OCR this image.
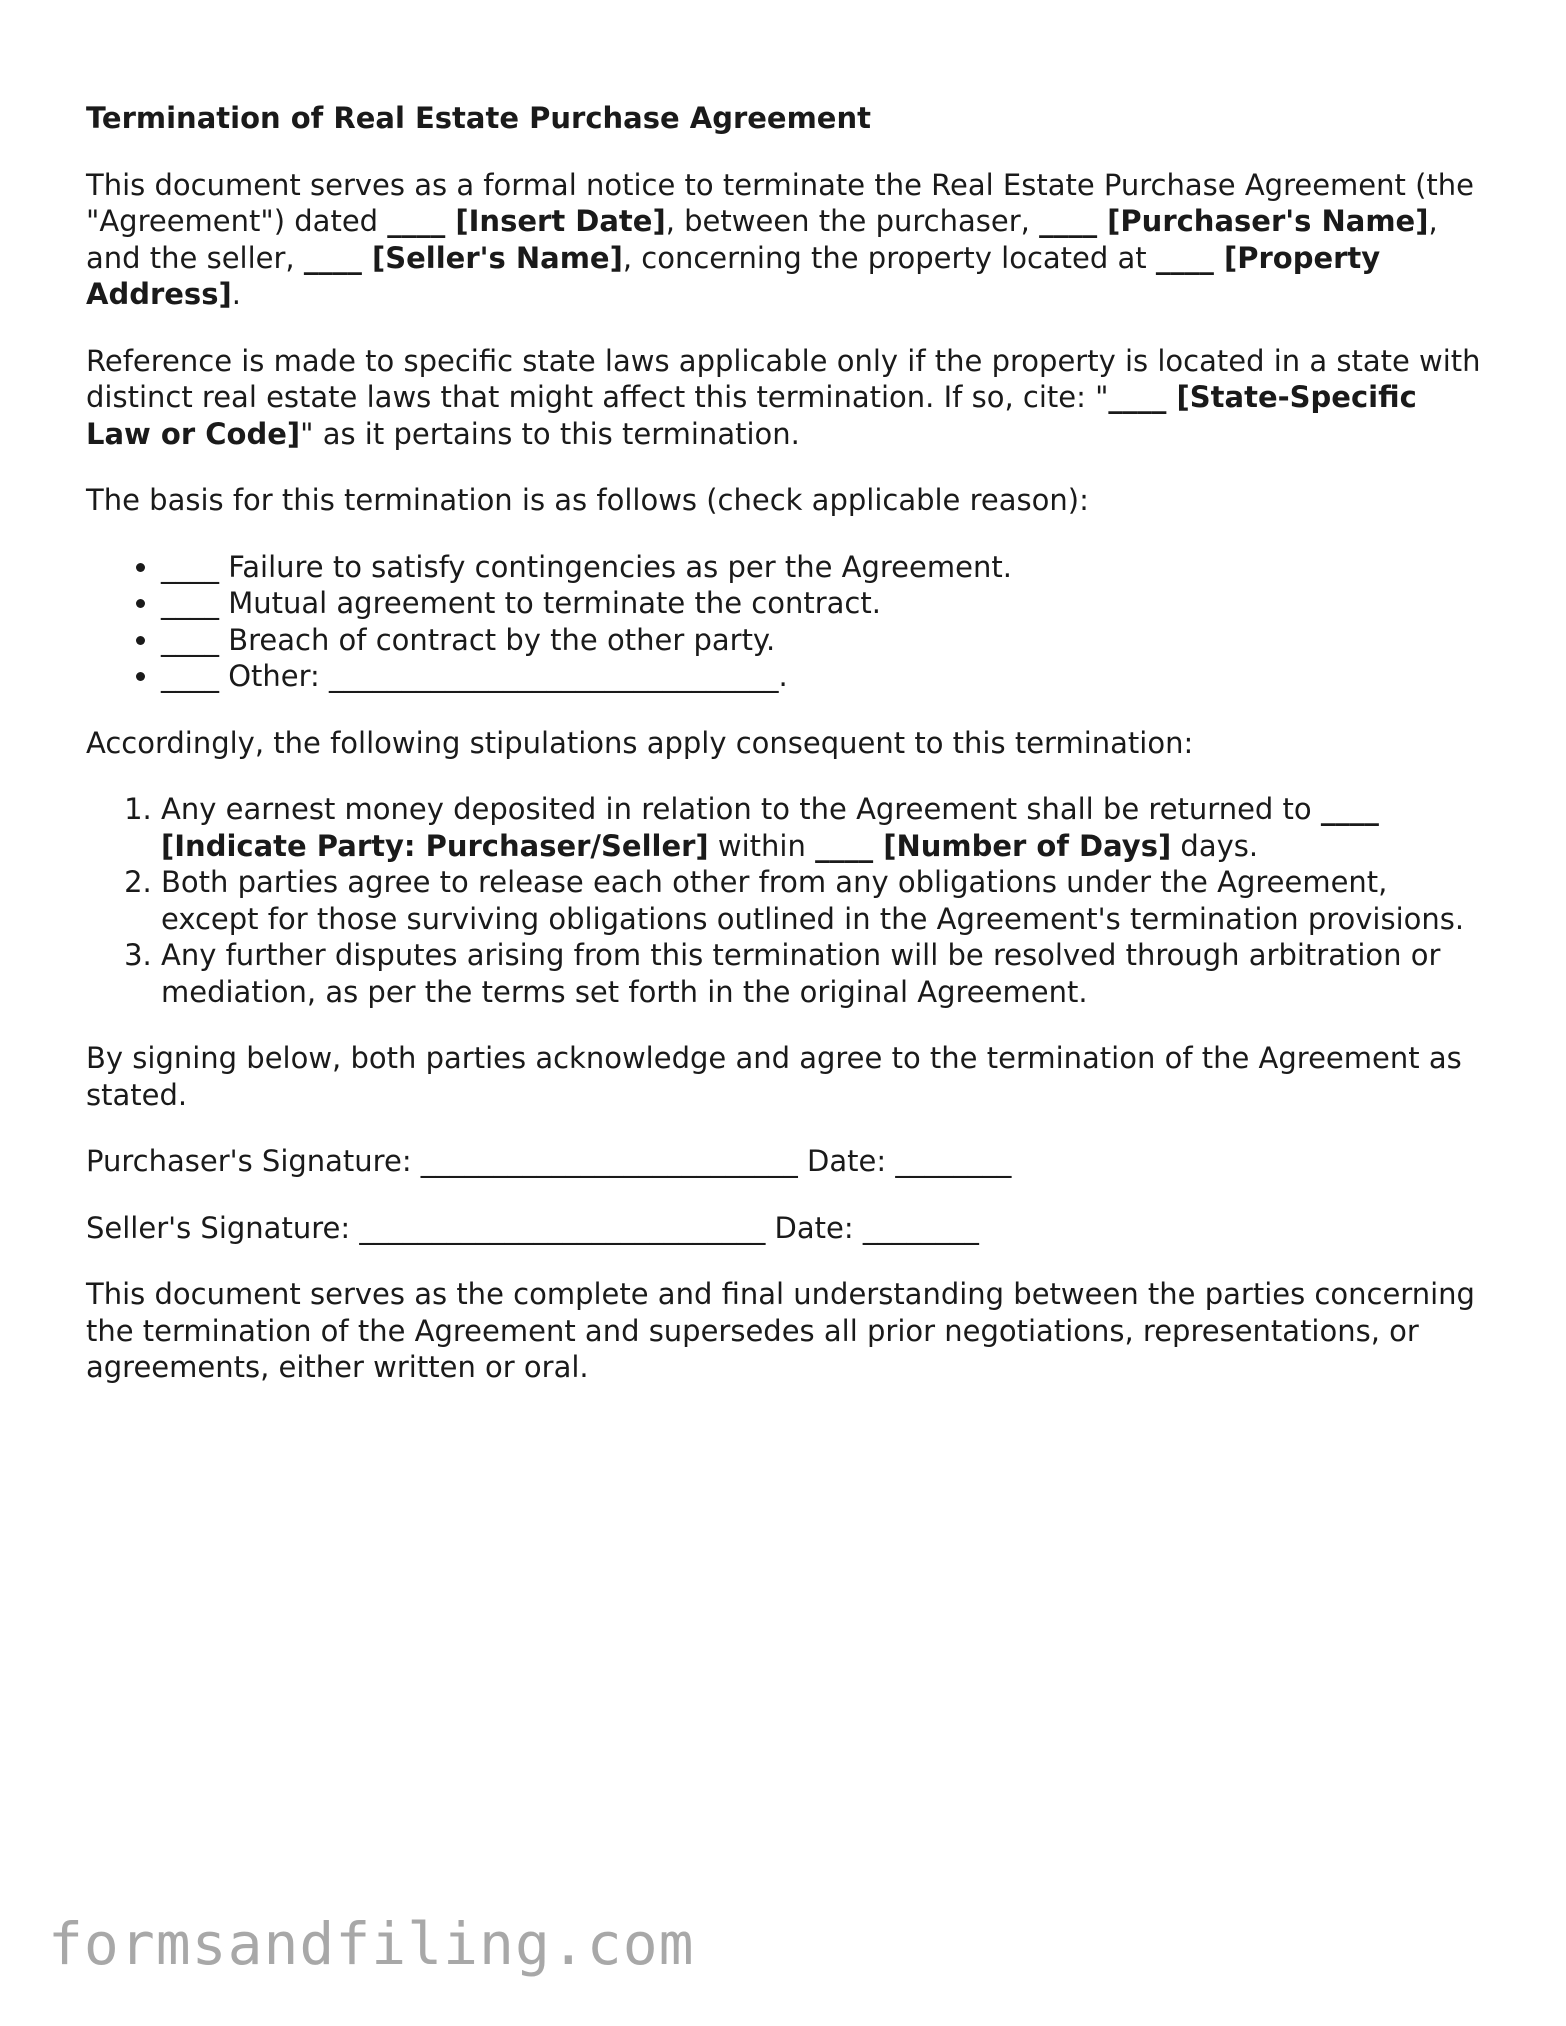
Termination of Real Estate Purchase Agreement

This document serves as a formal notice to terminate the Real Estate Purchase Agreement (the "Agreement") dated ____ [Insert Date], between the purchaser, ____ [Purchaser's Name], and the seller, ____ [Seller's Name], concerning the property located at ____ [Property Address].

Reference is made to specific state laws applicable only if the property is located in a state with distinct real estate laws that might affect this termination. If so, cite: "____ [State-Specific Law or Code]" as it pertains to this termination.

The basis for this termination is as follows (check applicable reason):

• ____ Failure to satisfy contingencies as per the Agreement.
• ____ Mutual agreement to terminate the contract.
• ____ Breach of contract by the other party.
• ____ Other: _______________________________.

Accordingly, the following stipulations apply consequent to this termination:

1. Any earnest money deposited in relation to the Agreement shall be returned to ____ [Indicate Party: Purchaser/Seller] within ____ [Number of Days] days.
2. Both parties agree to release each other from any obligations under the Agreement, except for those surviving obligations outlined in the Agreement's termination provisions.
3. Any further disputes arising from this termination will be resolved through arbitration or mediation, as per the terms set forth in the original Agreement.

By signing below, both parties acknowledge and agree to the termination of the Agreement as stated.

Purchaser's Signature: __________________________ Date: ________
Seller's Signature: ____________________________ Date: ________

This document serves as the complete and final understanding between the parties concerning the termination of the Agreement and supersedes all prior negotiations, representations, or agreements, either written or oral.

formsandfiling.com
